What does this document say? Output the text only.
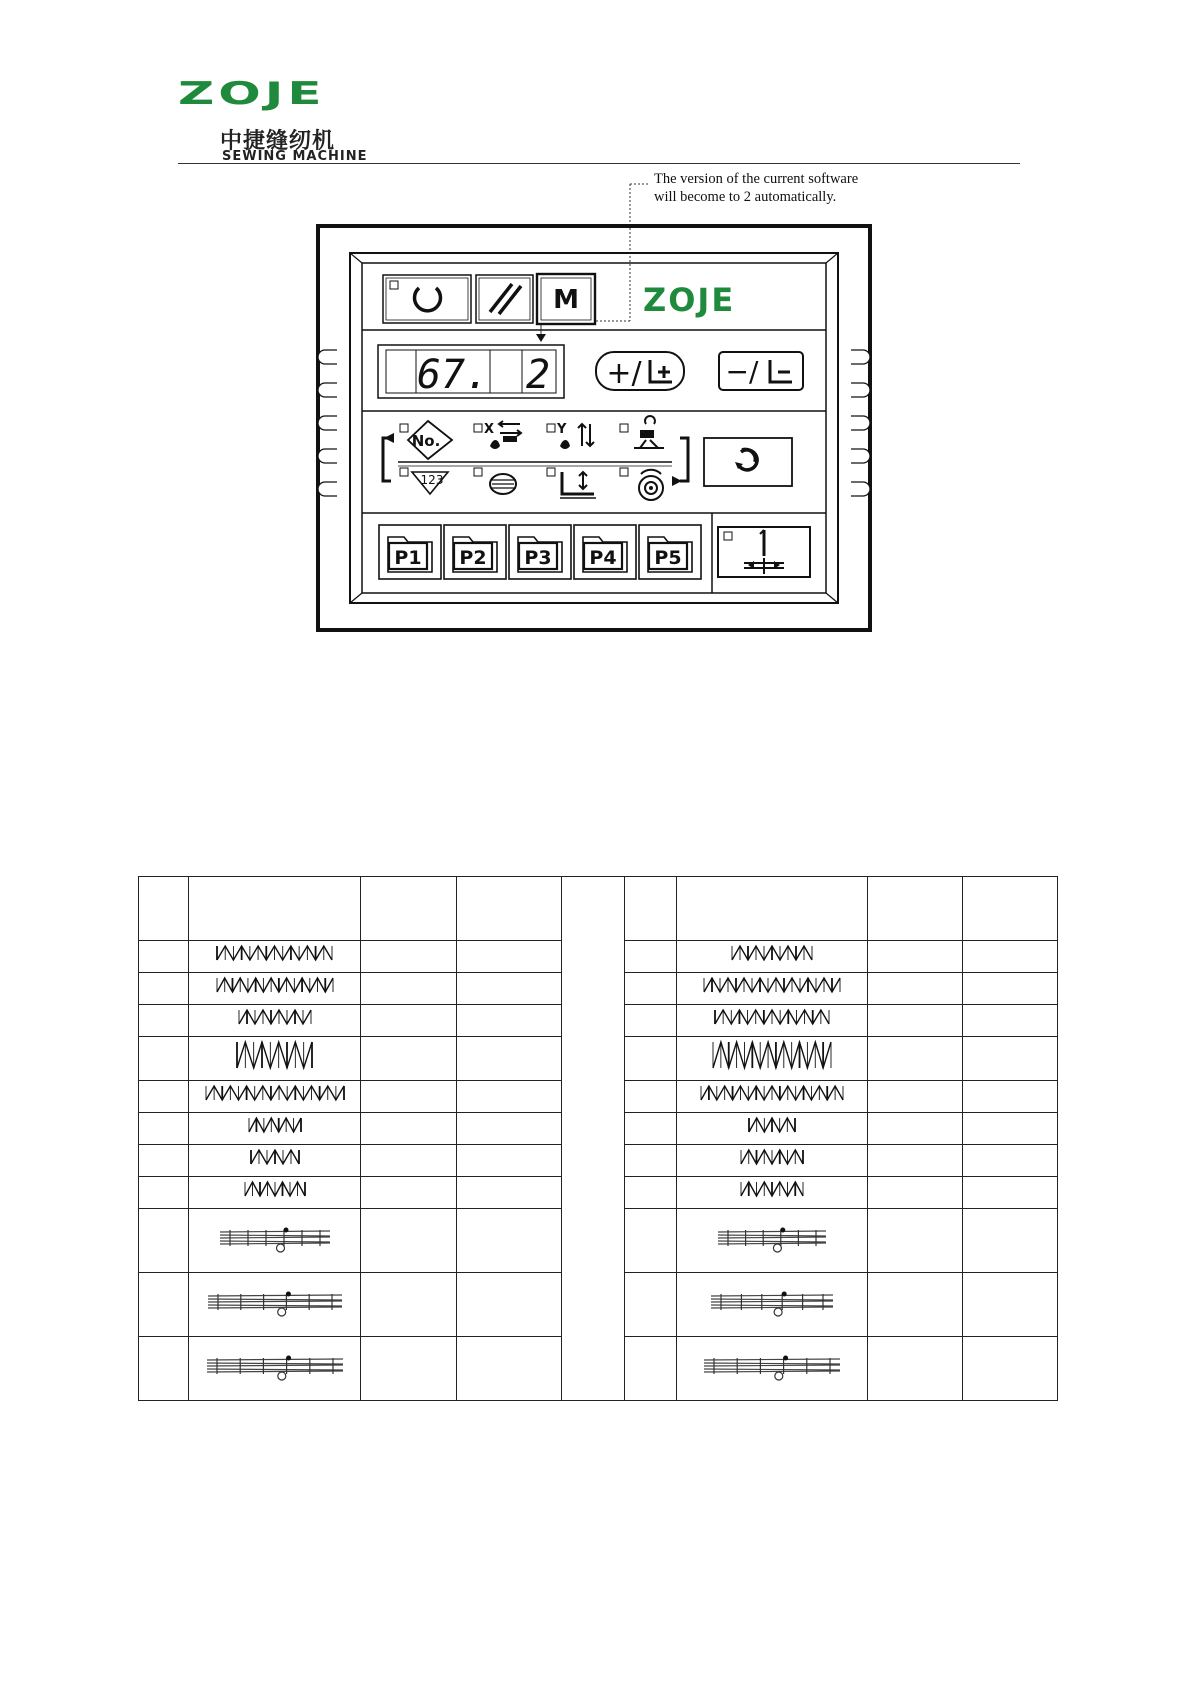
ZOJE
中捷缝纫机
SEWING MACHINE
The version of the current software
will become to 2 automatically.
M ZOJE
67. 2 +/	−/
No.
123
X	Y
P1 P2 P3 P4 P5
